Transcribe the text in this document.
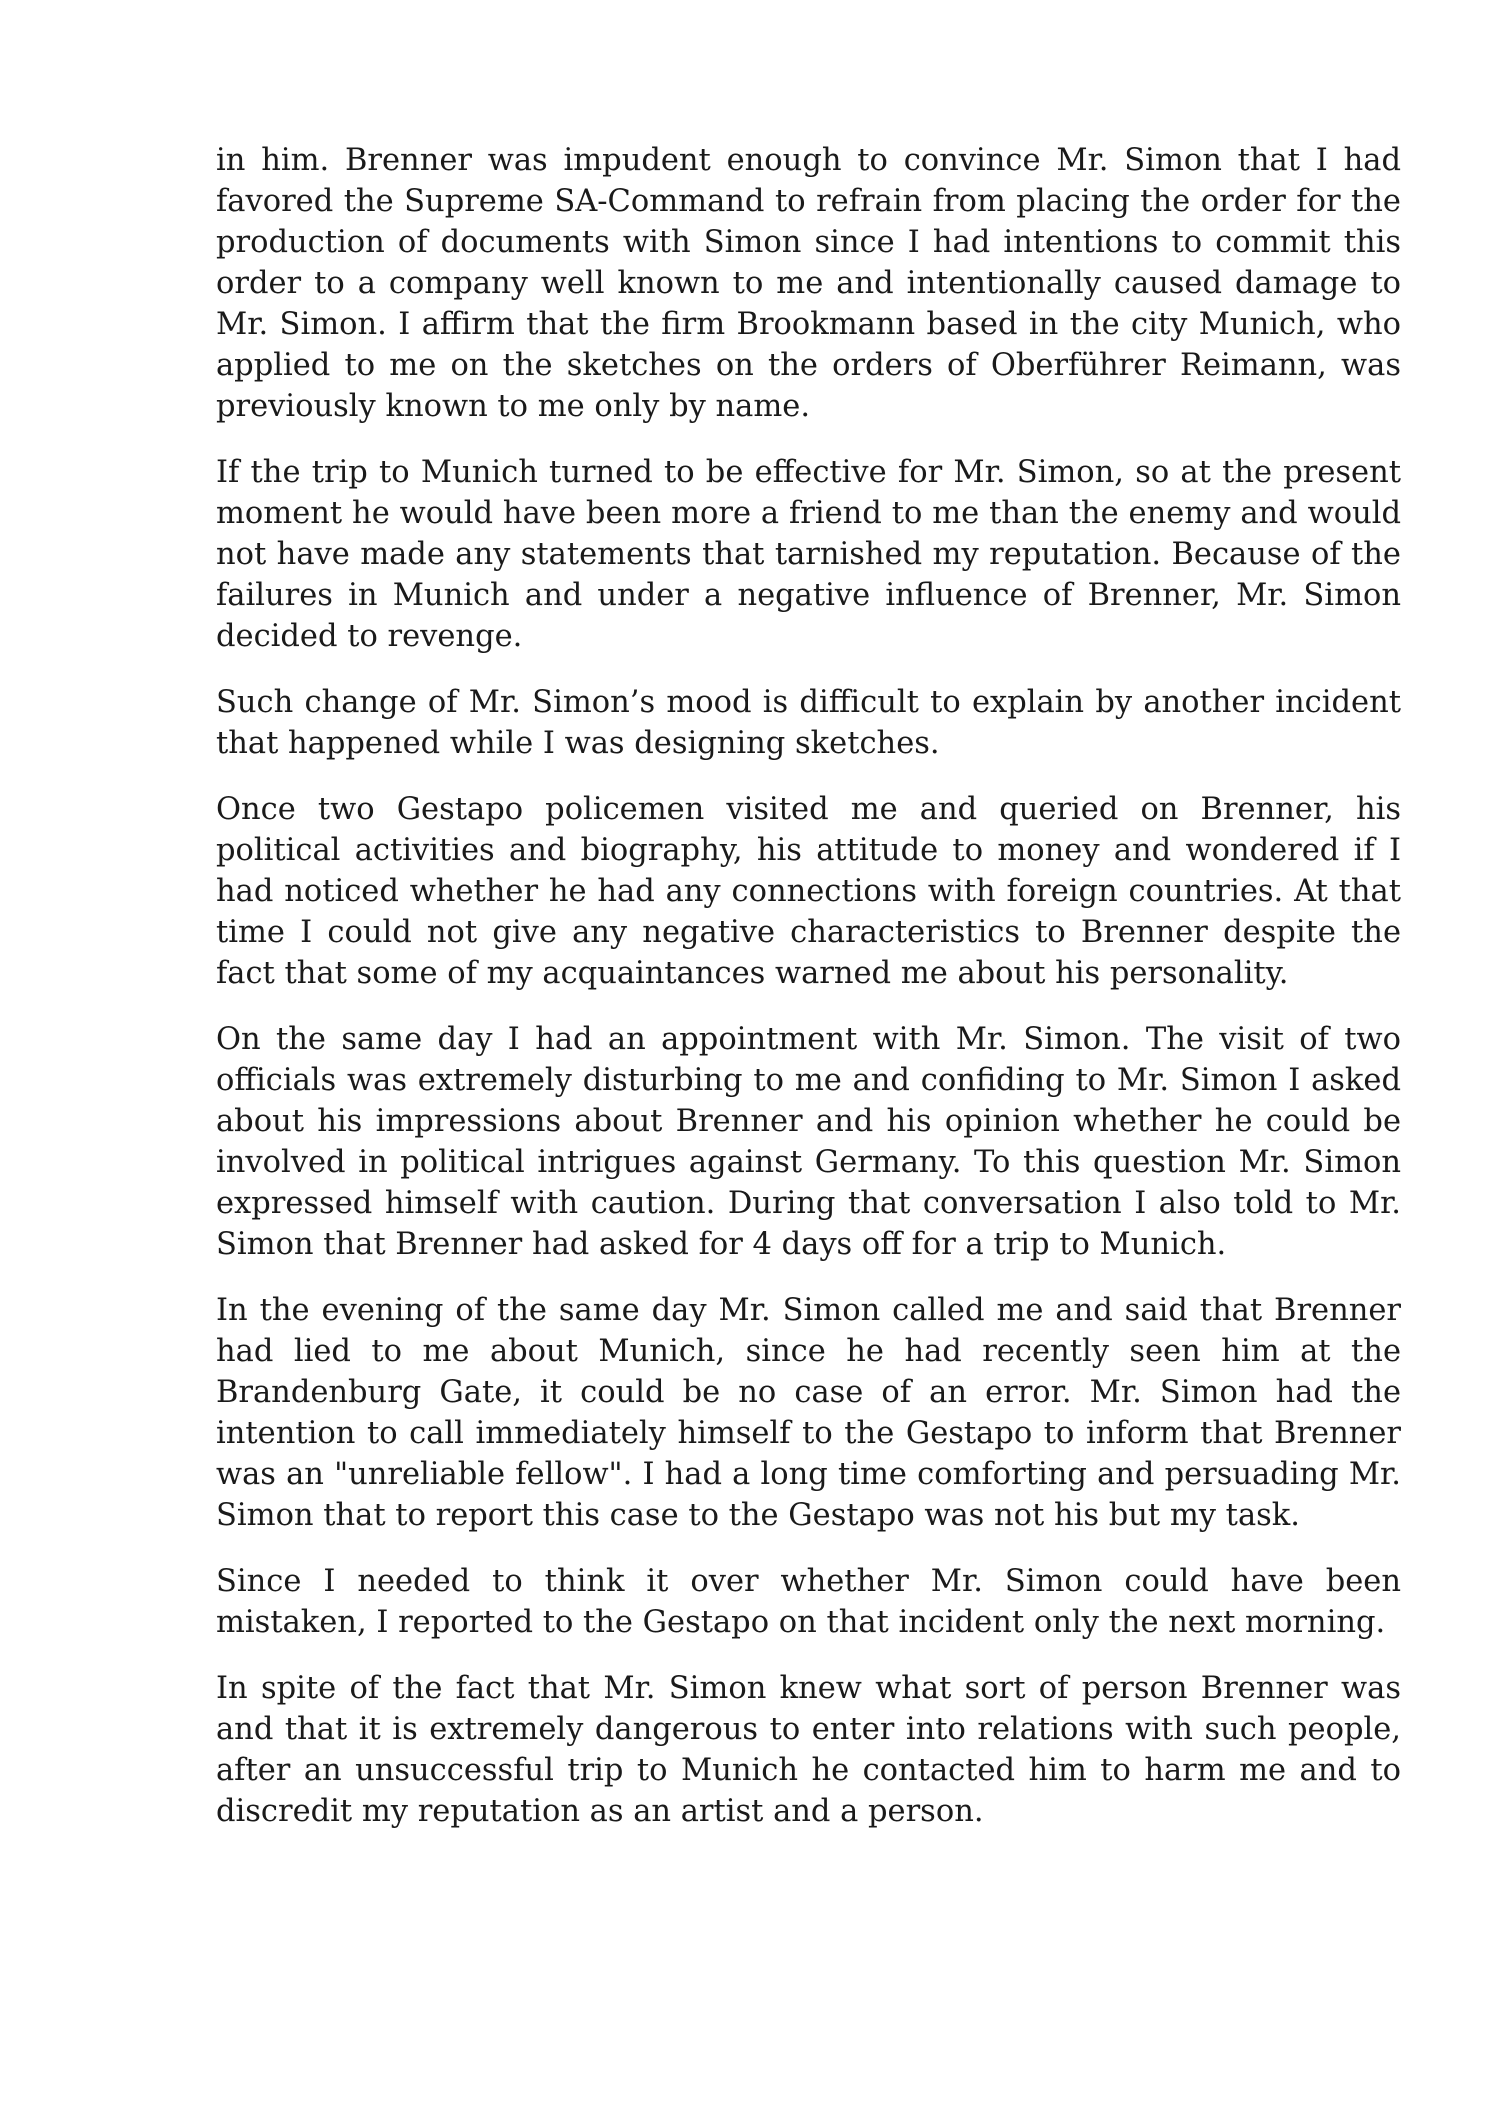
in him. Brenner was impudent enough to convince Mr. Simon that I had favored the Supreme SA-Command to refrain from placing the order for the production of documents with Simon since I had intentions to commit this order to a company well known to me and intentionally caused damage to Mr. Simon. I affirm that the firm Brookmann based in the city Munich, who applied to me on the sketches on the orders of Oberführer Reimann, was previously known to me only by name.

If the trip to Munich turned to be effective for Mr. Simon, so at the present moment he would have been more a friend to me than the enemy and would not have made any statements that tarnished my reputation. Because of the failures in Munich and under a negative influence of Brenner, Mr. Simon decided to revenge.

Such change of Mr. Simon’s mood is difficult to explain by another incident that happened while I was designing sketches.

Once two Gestapo policemen visited me and queried on Brenner, his political activities and biography, his attitude to money and wondered if I had noticed whether he had any connections with foreign countries. At that time I could not give any negative characteristics to Brenner despite the fact that some of my acquaintances warned me about his personality.

On the same day I had an appointment with Mr. Simon. The visit of two officials was extremely disturbing to me and confiding to Mr. Simon I asked about his impressions about Brenner and his opinion whether he could be involved in political intrigues against Germany. To this question Mr. Simon expressed himself with caution. During that conversation I also told to Mr. Simon that Brenner had asked for 4 days off for a trip to Munich.

In the evening of the same day Mr. Simon called me and said that Brenner had lied to me about Munich, since he had recently seen him at the Brandenburg Gate, it could be no case of an error. Mr. Simon had the intention to call immediately himself to the Gestapo to inform that Brenner was an "unreliable fellow". I had a long time comforting and persuading Mr. Simon that to report this case to the Gestapo was not his but my task.

Since I needed to think it over whether Mr. Simon could have been mistaken, I reported to the Gestapo on that incident only the next morning.

In spite of the fact that Mr. Simon knew what sort of person Brenner was and that it is extremely dangerous to enter into relations with such people, after an unsuccessful trip to Munich he contacted him to harm me and to discredit my reputation as an artist and a person.
